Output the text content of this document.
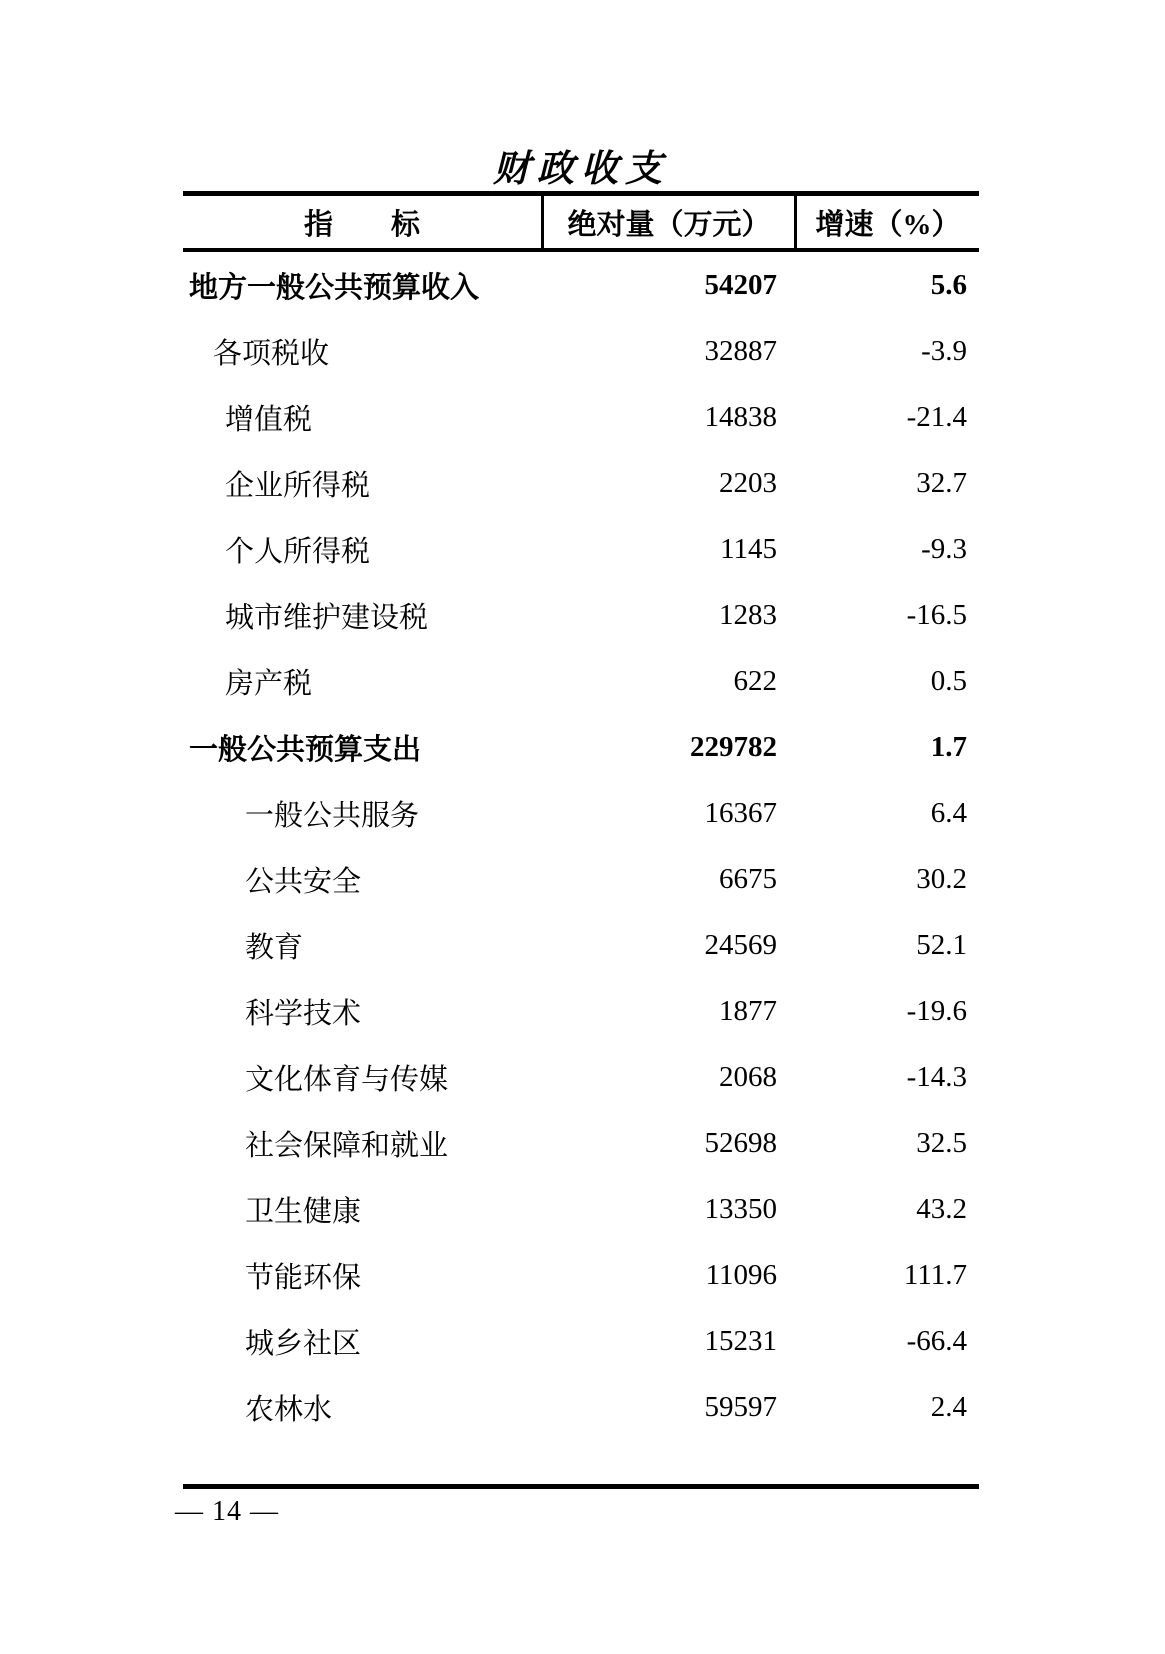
财政收支
指　　标	绝对量（万元）	增速（%）
地方一般公共预算收入	54207	5.6
各项税收	32887	-3.9
增值税	14838	-21.4
企业所得税	2203	32.7
个人所得税	1145	-9.3
城市维护建设税	1283	-16.5
房产税	622	0.5
一般公共预算支出	229782	1.7
一般公共服务	16367	6.4
公共安全	6675	30.2
教育	24569	52.1
科学技术	1877	-19.6
文化体育与传媒	2068	-14.3
社会保障和就业	52698	32.5
卫生健康	13350	43.2
节能环保	11096	111.7
城乡社区	15231	-66.4
农林水	59597	2.4
— 14 —
